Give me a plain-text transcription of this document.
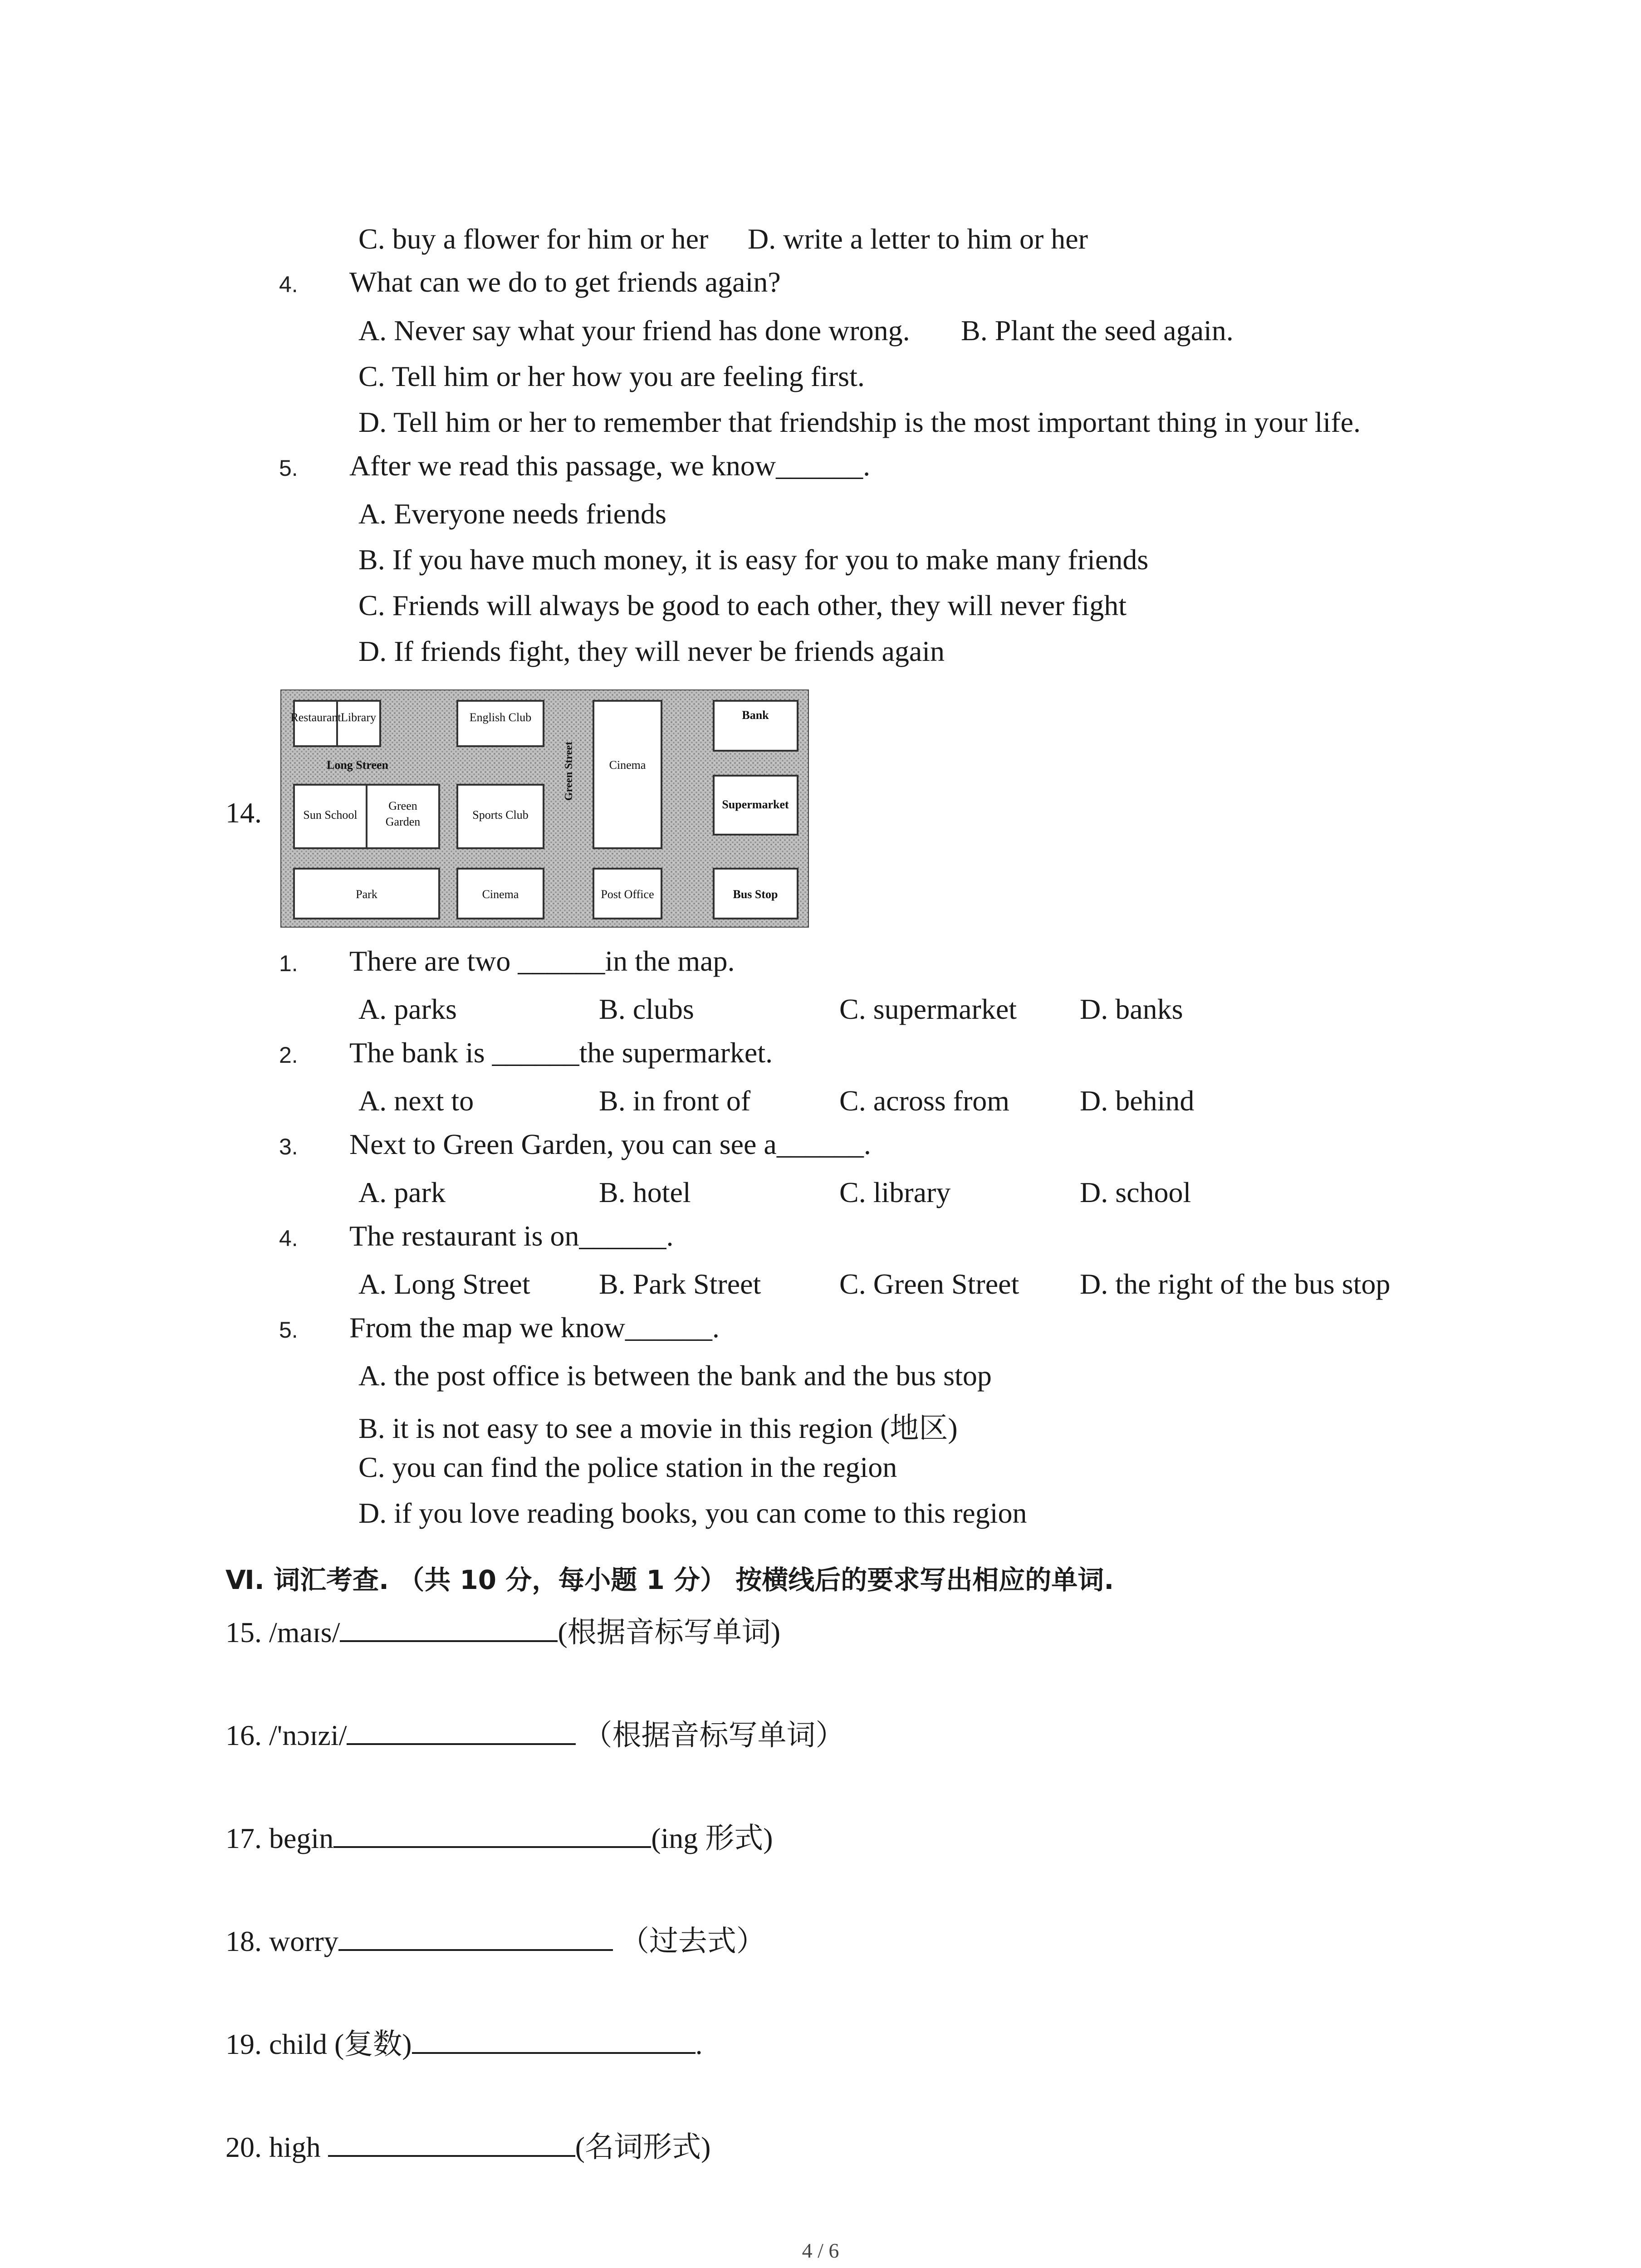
C. buy a flower for him or her D. write a letter to him or her
4. What can we do to get friends again?
A. Never say what your friend has done wrong. B. Plant the seed again.
C. Tell him or her how you are feeling first.
D. Tell him or her to remember that friendship is the most important thing in your life.
5. After we read this passage, we know______.
A. Everyone needs friends
B. If you have much money, it is easy for you to make many friends
C. Friends will always be good to each other, they will never fight
D. If friends fight, they will never be friends again
14.
Restaurant Library	English Club
Cinema
Bank
Long Streen
Sun School
Green
Garden
Sports Club
Supermarket
Park	Cinema	Post Office	Bus Stop
Green Street
1. There are two ______in the map.
A. parks	B. clubs	C. supermarket D. banks
2. The bank is ______the supermarket.
A. next to	B. in front of	C. across from D. behind
3. Next to Green Garden, you can see a______.
A. park	B. hotel	C. library	D. school
4. The restaurant is on______.
A. Long Street B. Park Street	C. Green Street D. the right of the bus stop
5. From the map we know______.
A. the post office is between the bank and the bus stop
B. it is not easy to see a movie in this region (地区)
C. you can find the police station in the region
D. if you love reading books, you can come to this region
Ⅵ. 词汇考查. （共 10 分，每小题 1 分） 按横线后的要求写出相应的单词.
15. /maɪs/	(根据音标写单词)
16. /'nɔɪzi/	（根据音标写单词）
17. begin	(ing 形式)
18. worry	（过去式）
19. child (复数)	.
20. high	(名词形式)
4 / 6
